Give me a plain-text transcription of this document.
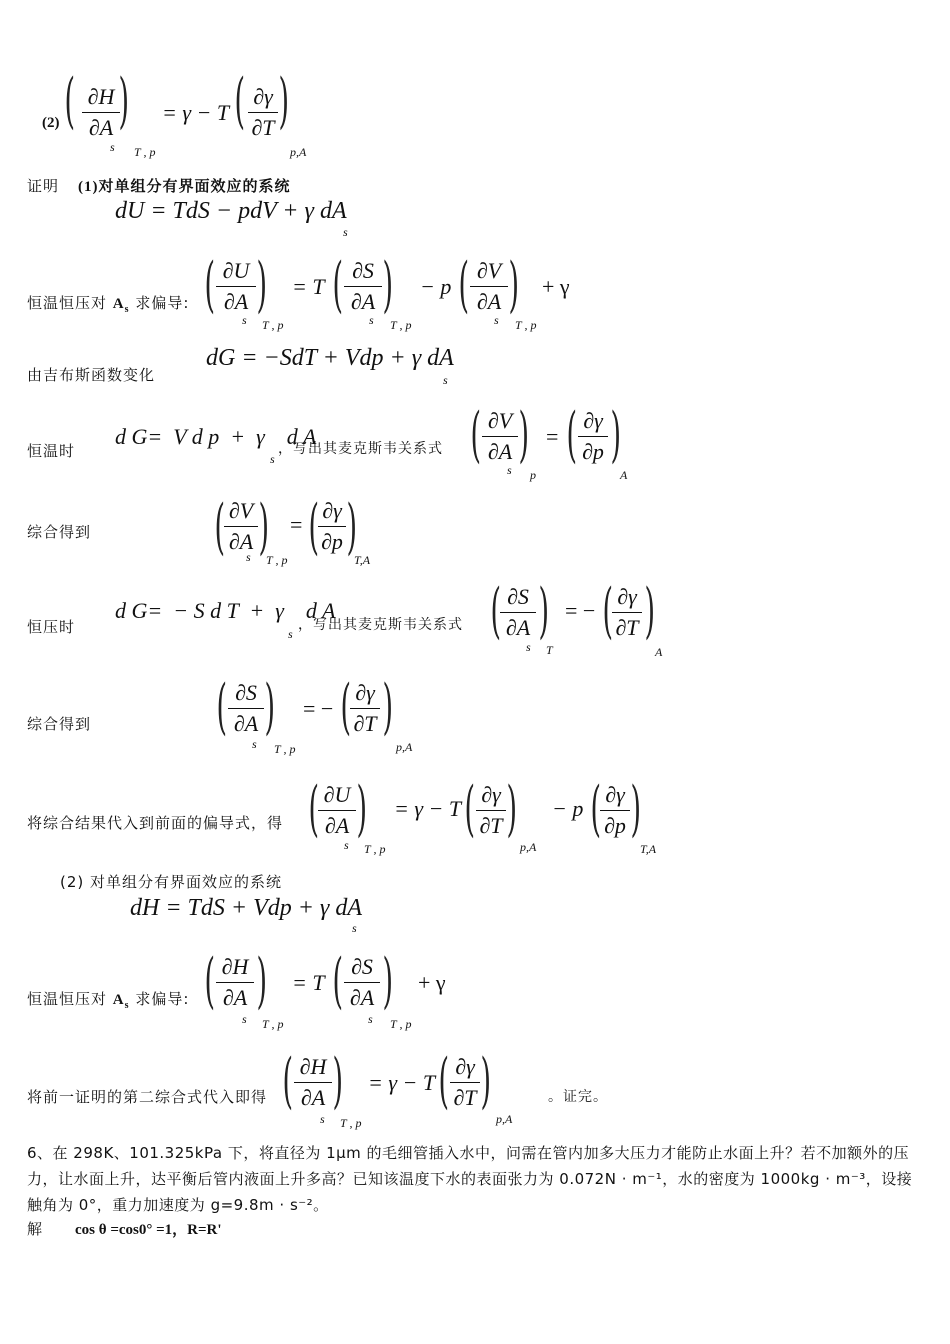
(2) ( ∂H
∂A )
s T , p
= γ − T ( ∂γ
∂T )
p,A
证明 (1)对单组分有界面效应的系统
dU = TdS − pdV + γ dA
s
恒温恒压对 $A_s$ 求偏导: ( ∂U
∂A )
s T , p
= T ( ∂S
∂A )
s T , p
− p ( ∂V
∂A )
s T , p
+ γ
由吉布斯函数变化
dG = −SdT + Vdp + γ dA
s
恒温时
d G=  V d p  +  γ    d A
s
，写出其麦克斯韦关系式 ( ∂V
∂A )
s p
= ( ∂γ
∂p )
A
综合得到 ( ∂V
∂A )
s T , p
= ( ∂γ
∂p )
T,A
恒压时
d G=  − S d T  +  γ    d A
s
，写出其麦克斯韦关系式 ( ∂S
∂A )
s T
= − ( ∂γ
∂T )
A
综合得到 ( ∂S
∂A )
s T , p
= − ( ∂γ
∂T )
p,A
将综合结果代入到前面的偏导式，得 ( ∂U
∂A )
s T , p
= γ − T ( ∂γ
∂T )
p,A
− p ( ∂γ
∂p )
T,A
(2) 对单组分有界面效应的系统
dH = TdS + Vdp + γ dA
s
恒温恒压对 $A_s$ 求偏导: ( ∂H
∂A )
s T , p
= T ( ∂S
∂A )
s T , p
+ γ
将前一证明的第二综合式代入即得 ( ∂H
∂A )
s T , p
= γ − T ( ∂γ
∂T )
p,A
。证完。
6、在 298K、101.325kPa 下，将直径为 1μm 的毛细管插入水中，问需在管内加多大压力才能防止水面上升？若不加额外的压力，让水面上升，达平衡后管内液面上升多高？已知该温度下水的表面张力为 0.072N · m⁻¹，水的密度为 1000kg · m⁻³，设接触角为 0°，重力加速度为 g=9.8m · s⁻²。
解 cos θ =cos0° =1，R=R'
